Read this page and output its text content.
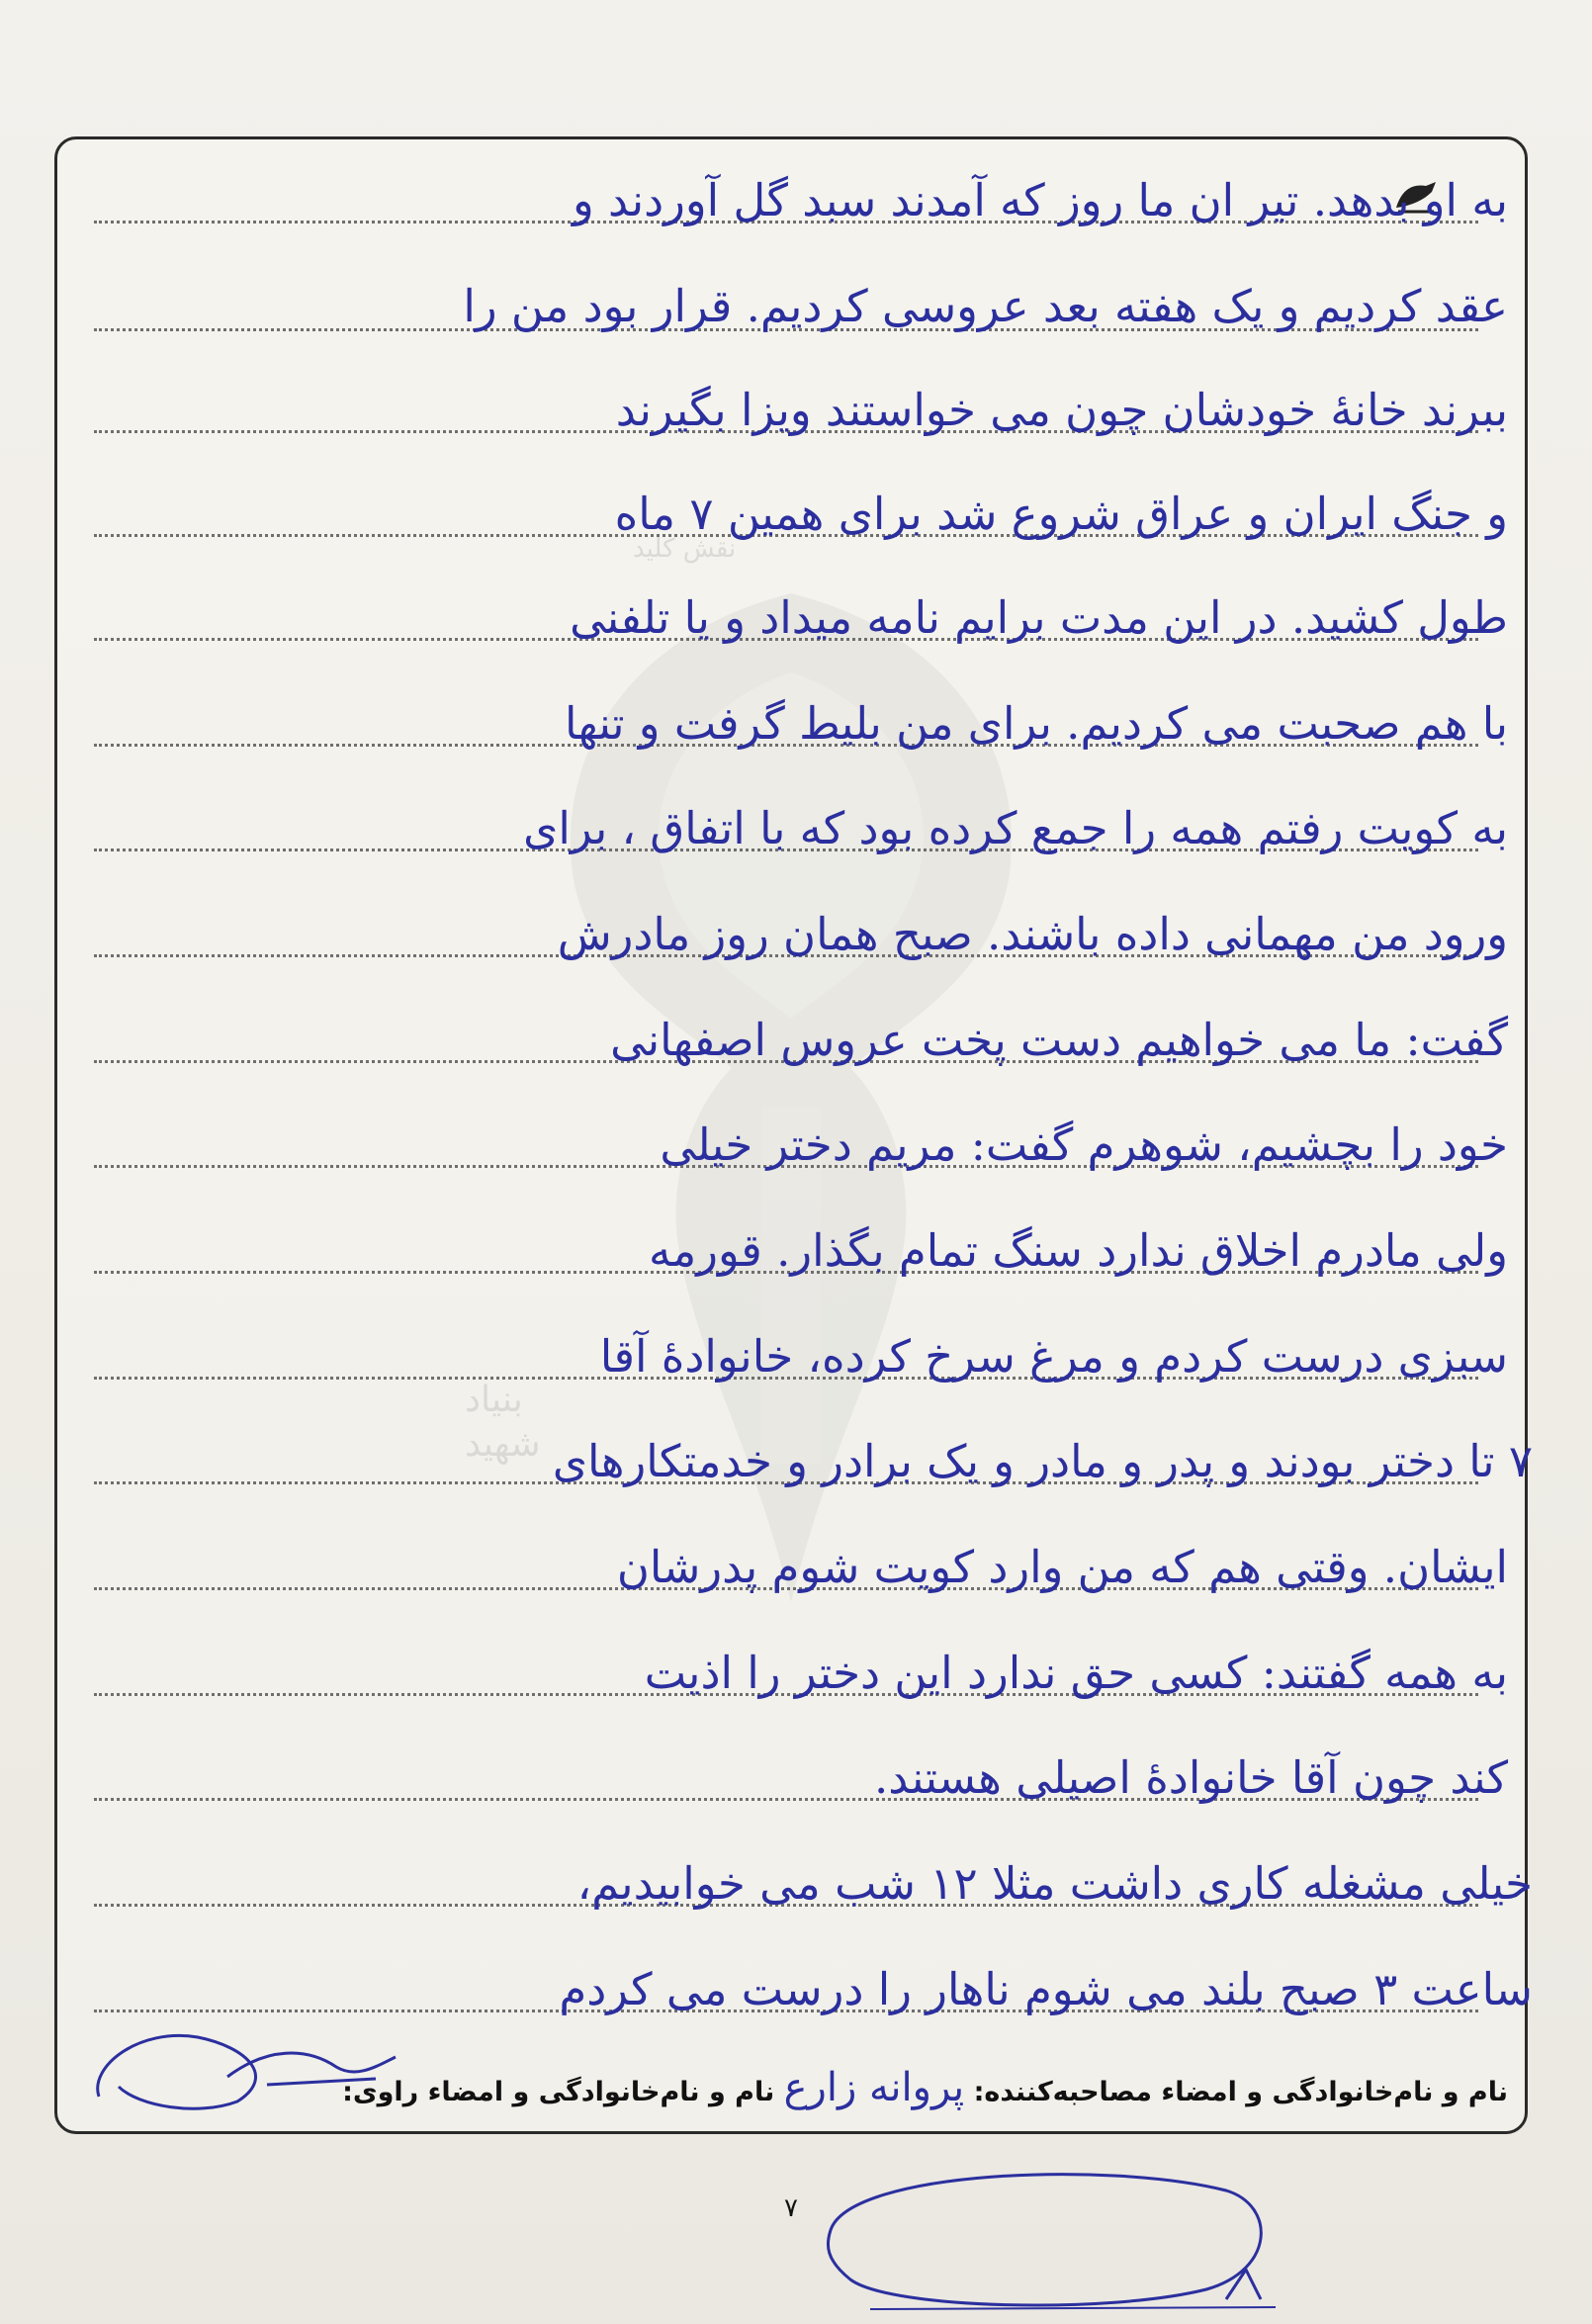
به او بدهد. تیر ان ما روز که آمدند سبد گل آوردند و
عقد کردیم و یک هفته بعد عروسی کردیم. قرار بود من را
ببرند خانهٔ خودشان چون می خواستند ویزا بگیرند
و جنگ ایران و عراق شروع شد برای همین ۷ ماه
طول کشید. در این مدت برایم نامه میداد و یا تلفنی
با هم صحبت می کردیم. برای من بلیط گرفت و تنها
به کویت رفتم همه را جمع کرده بود که با اتفاق ، برای
ورود من مهمانی داده باشند. صبح همان روز مادرش
گفت: ما می خواهیم دست پخت عروس اصفهانی
خود را بچشیم، شوهرم گفت: مریم دختر خیلی
ولی مادرم اخلاق ندارد سنگ تمام بگذار. قورمه
سبزی درست کردم و مرغ سرخ کرده، خانوادهٔ آقا
۷ تا دختر بودند و پدر و مادر و یک برادر و خدمتکارهای
ایشان. وقتی هم که من وارد کویت شوم پدرشان
به همه گفتند: کسی حق ندارد این دختر را اذیت
کند چون آقا خانوادهٔ اصیلی هستند.
خیلی مشغله کاری داشت مثلا ۱۲ شب می خوابیدیم،
ساعت ۳ صبح بلند می شوم ناهار را درست می کردم
نام و نام‌خانوادگی و امضاء مصاحبه‌کننده: پروانه زارع نام و نام‌خانوادگی و امضاء راوی:
۷
